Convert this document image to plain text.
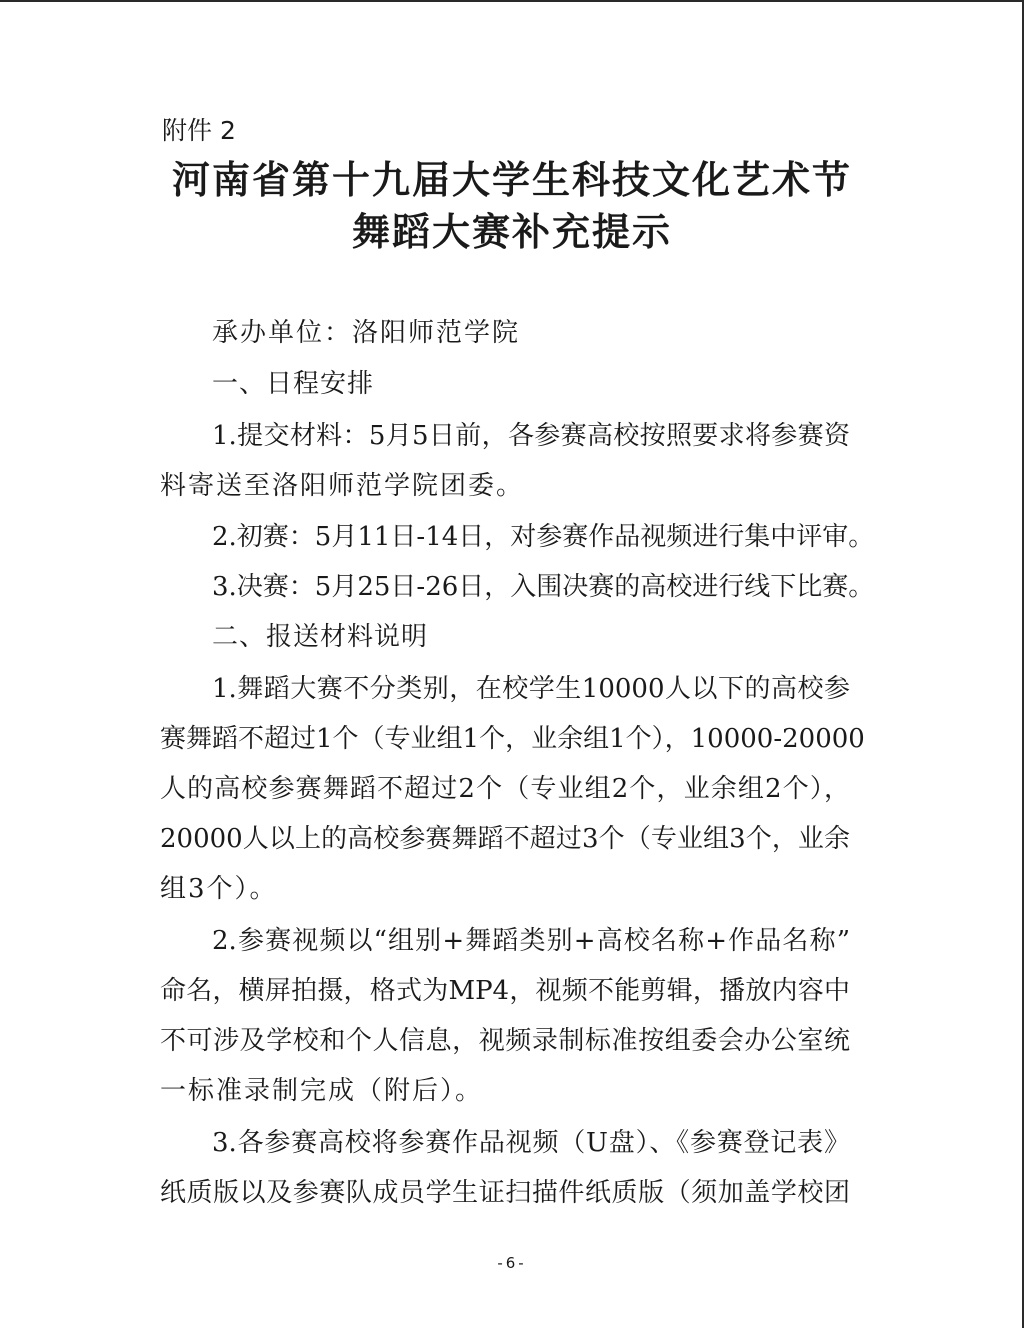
附件 2
河南省第十九届大学生科技文化艺术节
舞蹈大赛补充提示
承办单位：洛阳师范学院
一、日程安排
1.提交材料：5月5日前，各参赛高校按照要求将参赛资
料寄送至洛阳师范学院团委。
2.初赛：5月11日-14日，对参赛作品视频进行集中评审。
3.决赛：5月25日-26日，入围决赛的高校进行线下比赛。
二、报送材料说明
1.舞蹈大赛不分类别，在校学生10000人以下的高校参
赛舞蹈不超过1个（专业组1个，业余组1个），10000-20000
人的高校参赛舞蹈不超过2个（专业组2个，业余组2个），
20000人以上的高校参赛舞蹈不超过3个（专业组3个，业余
组3个）。
2.参赛视频以“组别+舞蹈类别+高校名称+作品名称”
命名，横屏拍摄，格式为MP4，视频不能剪辑，播放内容中
不可涉及学校和个人信息，视频录制标准按组委会办公室统
一标准录制完成（附后）。
3.各参赛高校将参赛作品视频（U盘）、《参赛登记表》
纸质版以及参赛队成员学生证扫描件纸质版（须加盖学校团
-6-
